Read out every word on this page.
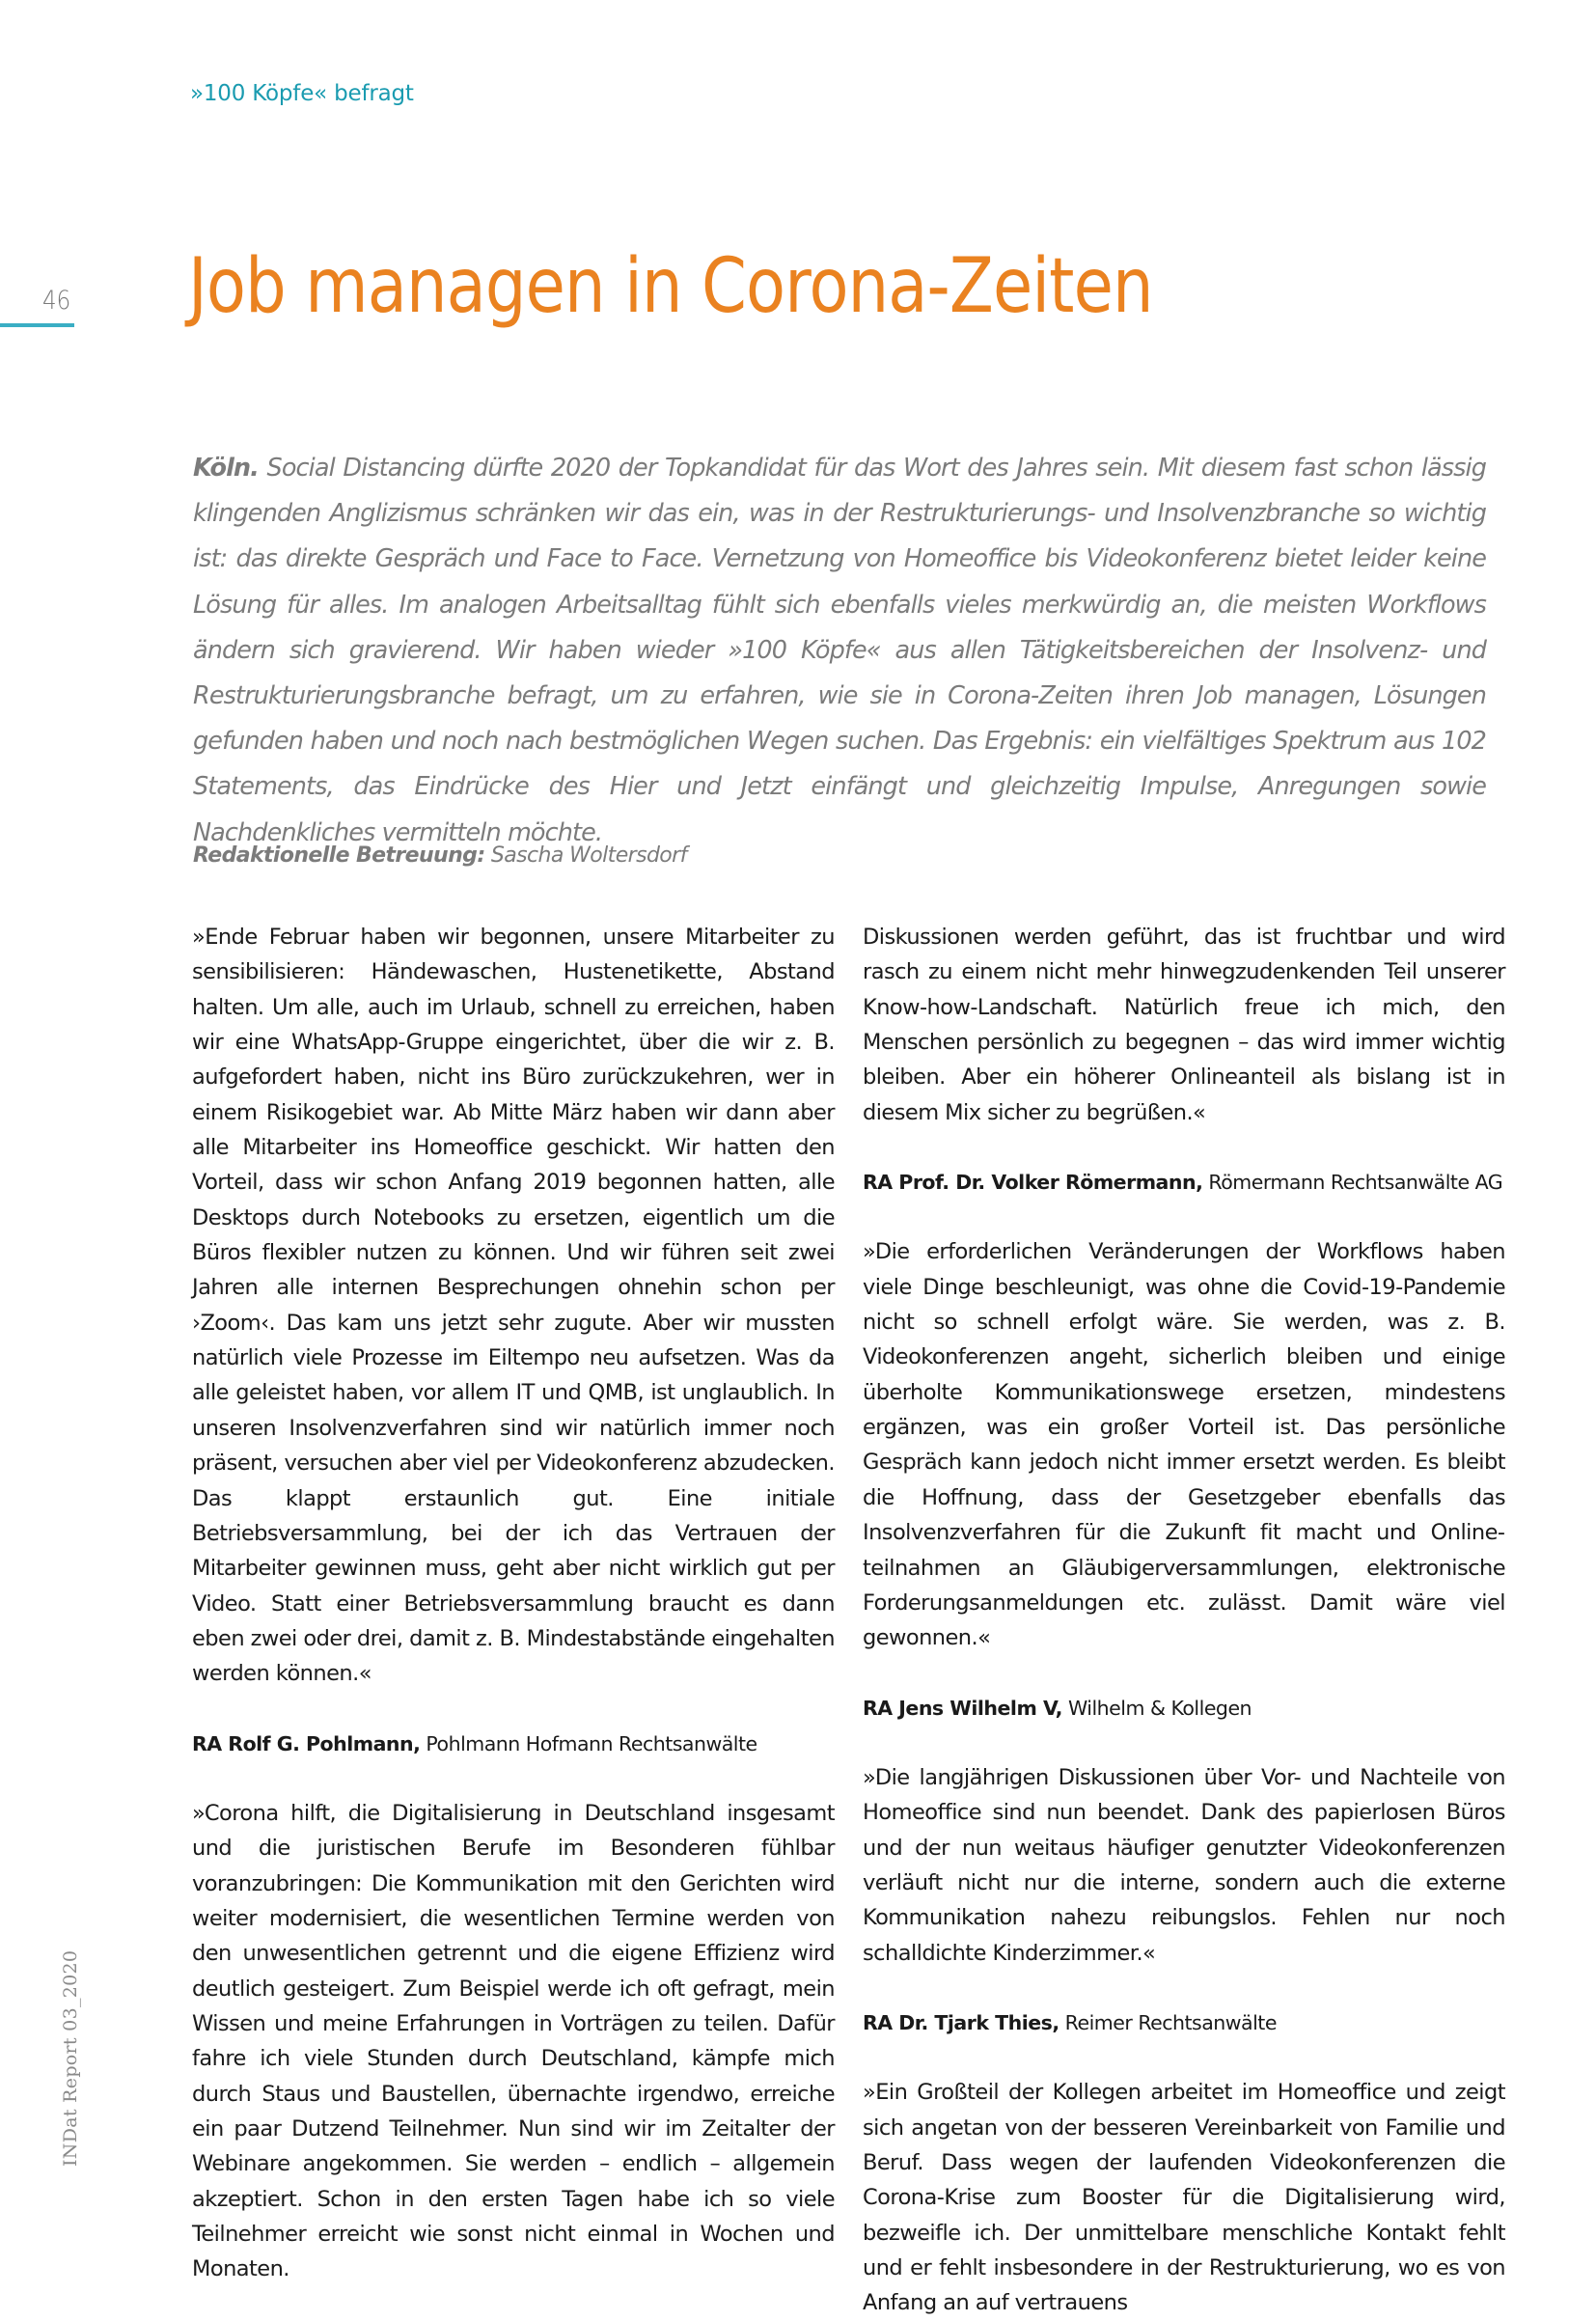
»100 Köpfe« befragt
46 Job managen in Corona-Zeiten
Köln. Social Distancing dürfte 2020 der Topkandidat für das Wort des Jahres sein. Mit diesem fast schon lässig klingenden Anglizismus schränken wir das ein, was in der Restrukturierungs- und Insolvenzbranche so wichtig ist: das direkte Gespräch und Face to Face. Vernetzung von Homeoffice bis Videokonferenz bietet leider keine Lösung für alles. Im analogen Arbeitsalltag fühlt sich ebenfalls vieles merkwürdig an, die meisten Workflows ändern sich gravierend. Wir haben wieder »100 Köpfe« aus allen Tätigkeitsbereichen der Insolvenz- und Restrukturierungsbranche befragt, um zu erfahren, wie sie in Corona-Zeiten ihren Job managen, Lösungen gefunden haben und noch nach bestmöglichen Wegen suchen. Das Ergebnis: ein vielfältiges Spektrum aus 102 Statements, das Eindrücke des Hier und Jetzt einfängt und gleichzeitig Impulse, Anregungen sowie Nachdenkliches vermitteln möchte.
Redaktionelle Betreuung: Sascha Woltersdorf

»Ende Februar haben wir begonnen, unsere Mitarbeiter zu sensibilisieren: Händewaschen, Hustenetikette, Abstand halten. Um alle, auch im Urlaub, schnell zu erreichen, haben wir eine WhatsApp-Gruppe eingerichtet, über die wir z. B. aufgefordert haben, nicht ins Büro zurückzukehren, wer in einem Risikogebiet war. Ab Mitte März haben wir dann aber alle Mitarbeiter ins Homeoffice geschickt. Wir hatten den Vorteil, dass wir schon Anfang 2019 begonnen hatten, alle Desktops durch Notebooks zu ersetzen, eigentlich um die Büros flexibler nutzen zu können. Und wir führen seit zwei Jahren alle internen Besprechungen ohnehin schon per ›Zoom‹. Das kam uns jetzt sehr zugute. Aber wir mussten natürlich viele Prozesse im Eiltempo neu aufsetzen. Was da alle geleistet haben, vor allem IT und QMB, ist unglaublich. In unseren Insolvenzverfahren sind wir natürlich immer noch präsent, versuchen aber viel per Videokonferenz abzudecken. Das klappt erstaunlich gut. Eine initiale Betriebsversammlung, bei der ich das Vertrauen der Mitarbeiter gewinnen muss, geht aber nicht wirklich gut per Video. Statt einer Betriebsversammlung braucht es dann eben zwei oder drei, damit z. B. Mindestabstände eingehalten werden können.«

RA Rolf G. Pohlmann, Pohlmann Hofmann Rechtsanwälte

»Corona hilft, die Digitalisierung in Deutschland insgesamt und die juristischen Berufe im Besonderen fühlbar voranzubringen: Die Kommunikation mit den Gerichten wird weiter modernisiert, die wesentlichen Termine werden von den unwesentlichen getrennt und die eigene Effizienz wird deutlich gesteigert. Zum Beispiel werde ich oft gefragt, mein Wissen und meine Erfahrungen in Vorträgen zu teilen. Dafür fahre ich viele Stunden durch Deutschland, kämpfe mich durch Staus und Baustellen, übernachte irgendwo, erreiche ein paar Dutzend Teilnehmer. Nun sind wir im Zeitalter der Webinare angekommen. Sie werden – endlich – allgemein akzeptiert. Schon in den ersten Tagen habe ich so viele Teilnehmer erreicht wie sonst nicht einmal in Wochen und Monaten.

Diskussionen werden geführt, das ist fruchtbar und wird rasch zu einem nicht mehr hinwegzudenkenden Teil unserer Know-how-Landschaft. Natürlich freue ich mich, den Menschen persönlich zu begegnen – das wird immer wichtig bleiben. Aber ein höherer Onlineanteil als bislang ist in diesem Mix sicher zu begrüßen.«

RA Prof. Dr. Volker Römermann, Römermann Rechtsanwälte AG

»Die erforderlichen Veränderungen der Workflows haben viele Dinge beschleunigt, was ohne die Covid-19-Pandemie nicht so schnell erfolgt wäre. Sie werden, was z. B. Videokonferenzen angeht, sicherlich bleiben und einige überholte Kommunikationswege ersetzen, mindestens ergänzen, was ein großer Vorteil ist. Das persönliche Gespräch kann jedoch nicht immer ersetzt werden. Es bleibt die Hoffnung, dass der Gesetzgeber ebenfalls das Insolvenzverfahren für die Zukunft fit macht und Onlineteilnahmen an Gläubigerversammlungen, elektronische Forderungsanmeldungen etc. zulässt. Damit wäre viel gewonnen.«

RA Jens Wilhelm V, Wilhelm & Kollegen

»Die langjährigen Diskussionen über Vor- und Nachteile von Homeoffice sind nun beendet. Dank des papierlosen Büros und der nun weitaus häufiger genutzter Videokonferenzen verläuft nicht nur die interne, sondern auch die externe Kommunikation nahezu reibungslos. Fehlen nur noch schalldichte Kinderzimmer.«

RA Dr. Tjark Thies, Reimer Rechtsanwälte

»Ein Großteil der Kollegen arbeitet im Homeoffice und zeigt sich angetan von der besseren Vereinbarkeit von Familie und Beruf. Dass wegen der laufenden Videokonferenzen die Corona-Krise zum Booster für die Digitalisierung wird, bezweifle ich. Der unmittelbare menschliche Kontakt fehlt und er fehlt insbesondere in der Restrukturierung, wo es von Anfang an auf vertrauens

INDat Report 03_2020
